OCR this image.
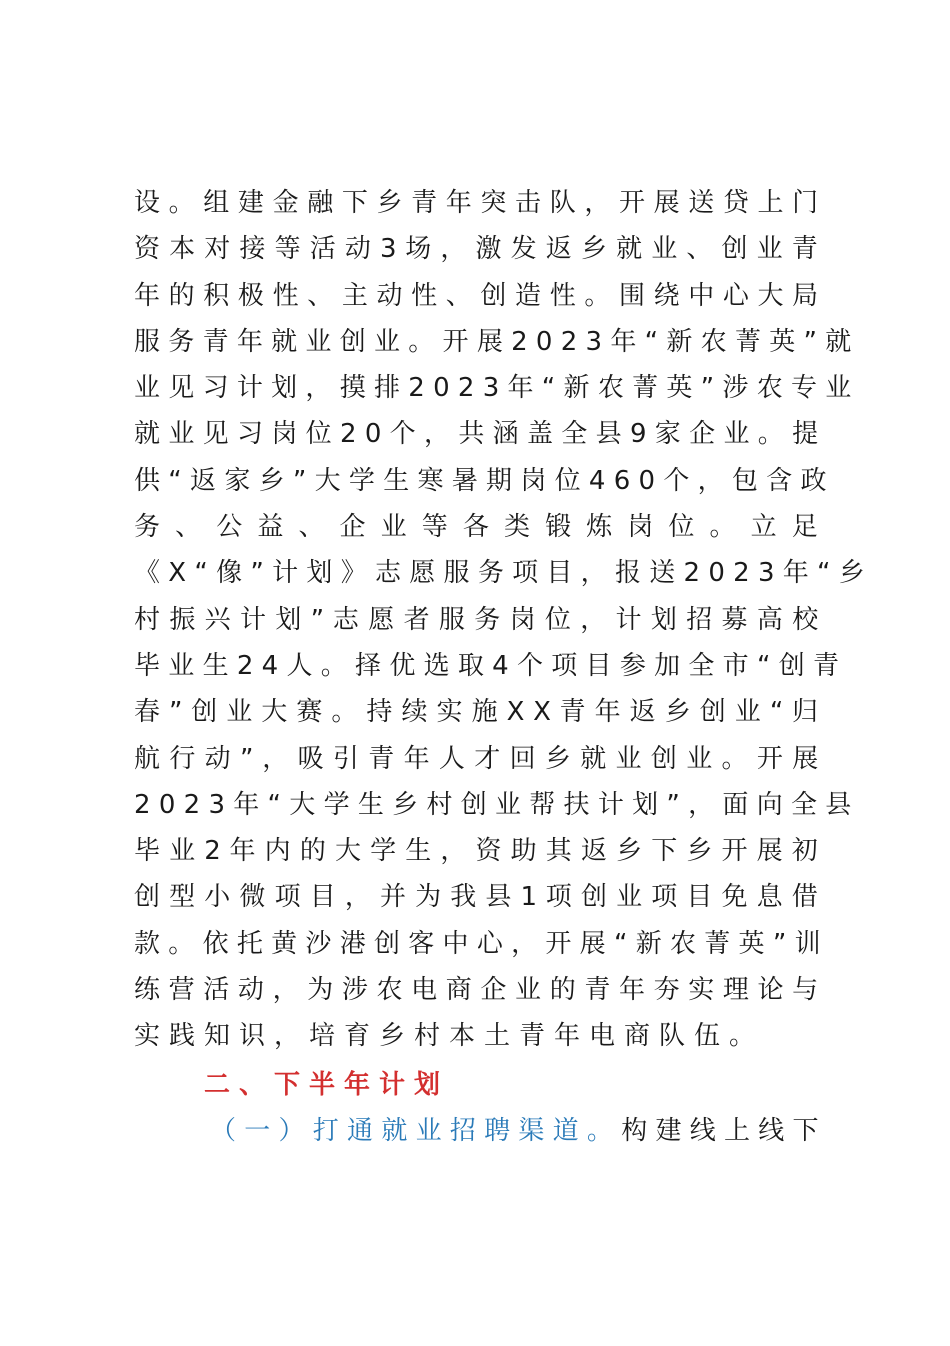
设 。 组 建 金 融 下 乡 青 年 突 击 队 ， 开 展 送 贷 上 门
资 本 对 接 等 活 动 3 场 ， 激 发 返 乡 就 业 、 创 业 青
年 的 积 极 性 、 主 动 性 、 创 造 性 。 围 绕 中 心 大 局
服 务 青 年 就 业 创 业 。 开 展 2 0 2 3 年 “ 新 农 菁 英 ” 就
业 见 习 计 划 ， 摸 排 2 0 2 3 年 “ 新 农 菁 英 ” 涉 农 专 业
就 业 见 习 岗 位 2 0 个 ， 共 涵 盖 全 县 9 家 企 业 。 提
供 “ 返 家 乡 ” 大 学 生 寒 暑 期 岗 位 4 6 0 个 ， 包 含 政
务 、 公 益 、 企 业 等 各 类 锻 炼 岗 位 。 立 足
《 X “ 像 ” 计 划 》 志 愿 服 务 项 目 ， 报 送 2 0 2 3 年 “ 乡
村 振 兴 计 划 ” 志 愿 者 服 务 岗 位 ， 计 划 招 募 高 校
毕 业 生 2 4 人 。 择 优 选 取 4 个 项 目 参 加 全 市 “ 创 青
春 ” 创 业 大 赛 。 持 续 实 施 X X 青 年 返 乡 创 业 “ 归
航 行 动 ” ， 吸 引 青 年 人 才 回 乡 就 业 创 业 。 开 展
2 0 2 3 年 “ 大 学 生 乡 村 创 业 帮 扶 计 划 ” ， 面 向 全 县
毕 业 2 年 内 的 大 学 生 ， 资 助 其 返 乡 下 乡 开 展 初
创 型 小 微 项 目 ， 并 为 我 县 1 项 创 业 项 目 免 息 借
款 。 依 托 黄 沙 港 创 客 中 心 ， 开 展 “ 新 农 菁 英 ” 训
练 营 活 动 ， 为 涉 农 电 商 企 业 的 青 年 夯 实 理 论 与
实践知识，培育乡村本土青年电商队伍。
二、下半年计划

（ 一 ） 打 通 就 业 招 聘 渠 道 。 构 建 线 上 线 下
